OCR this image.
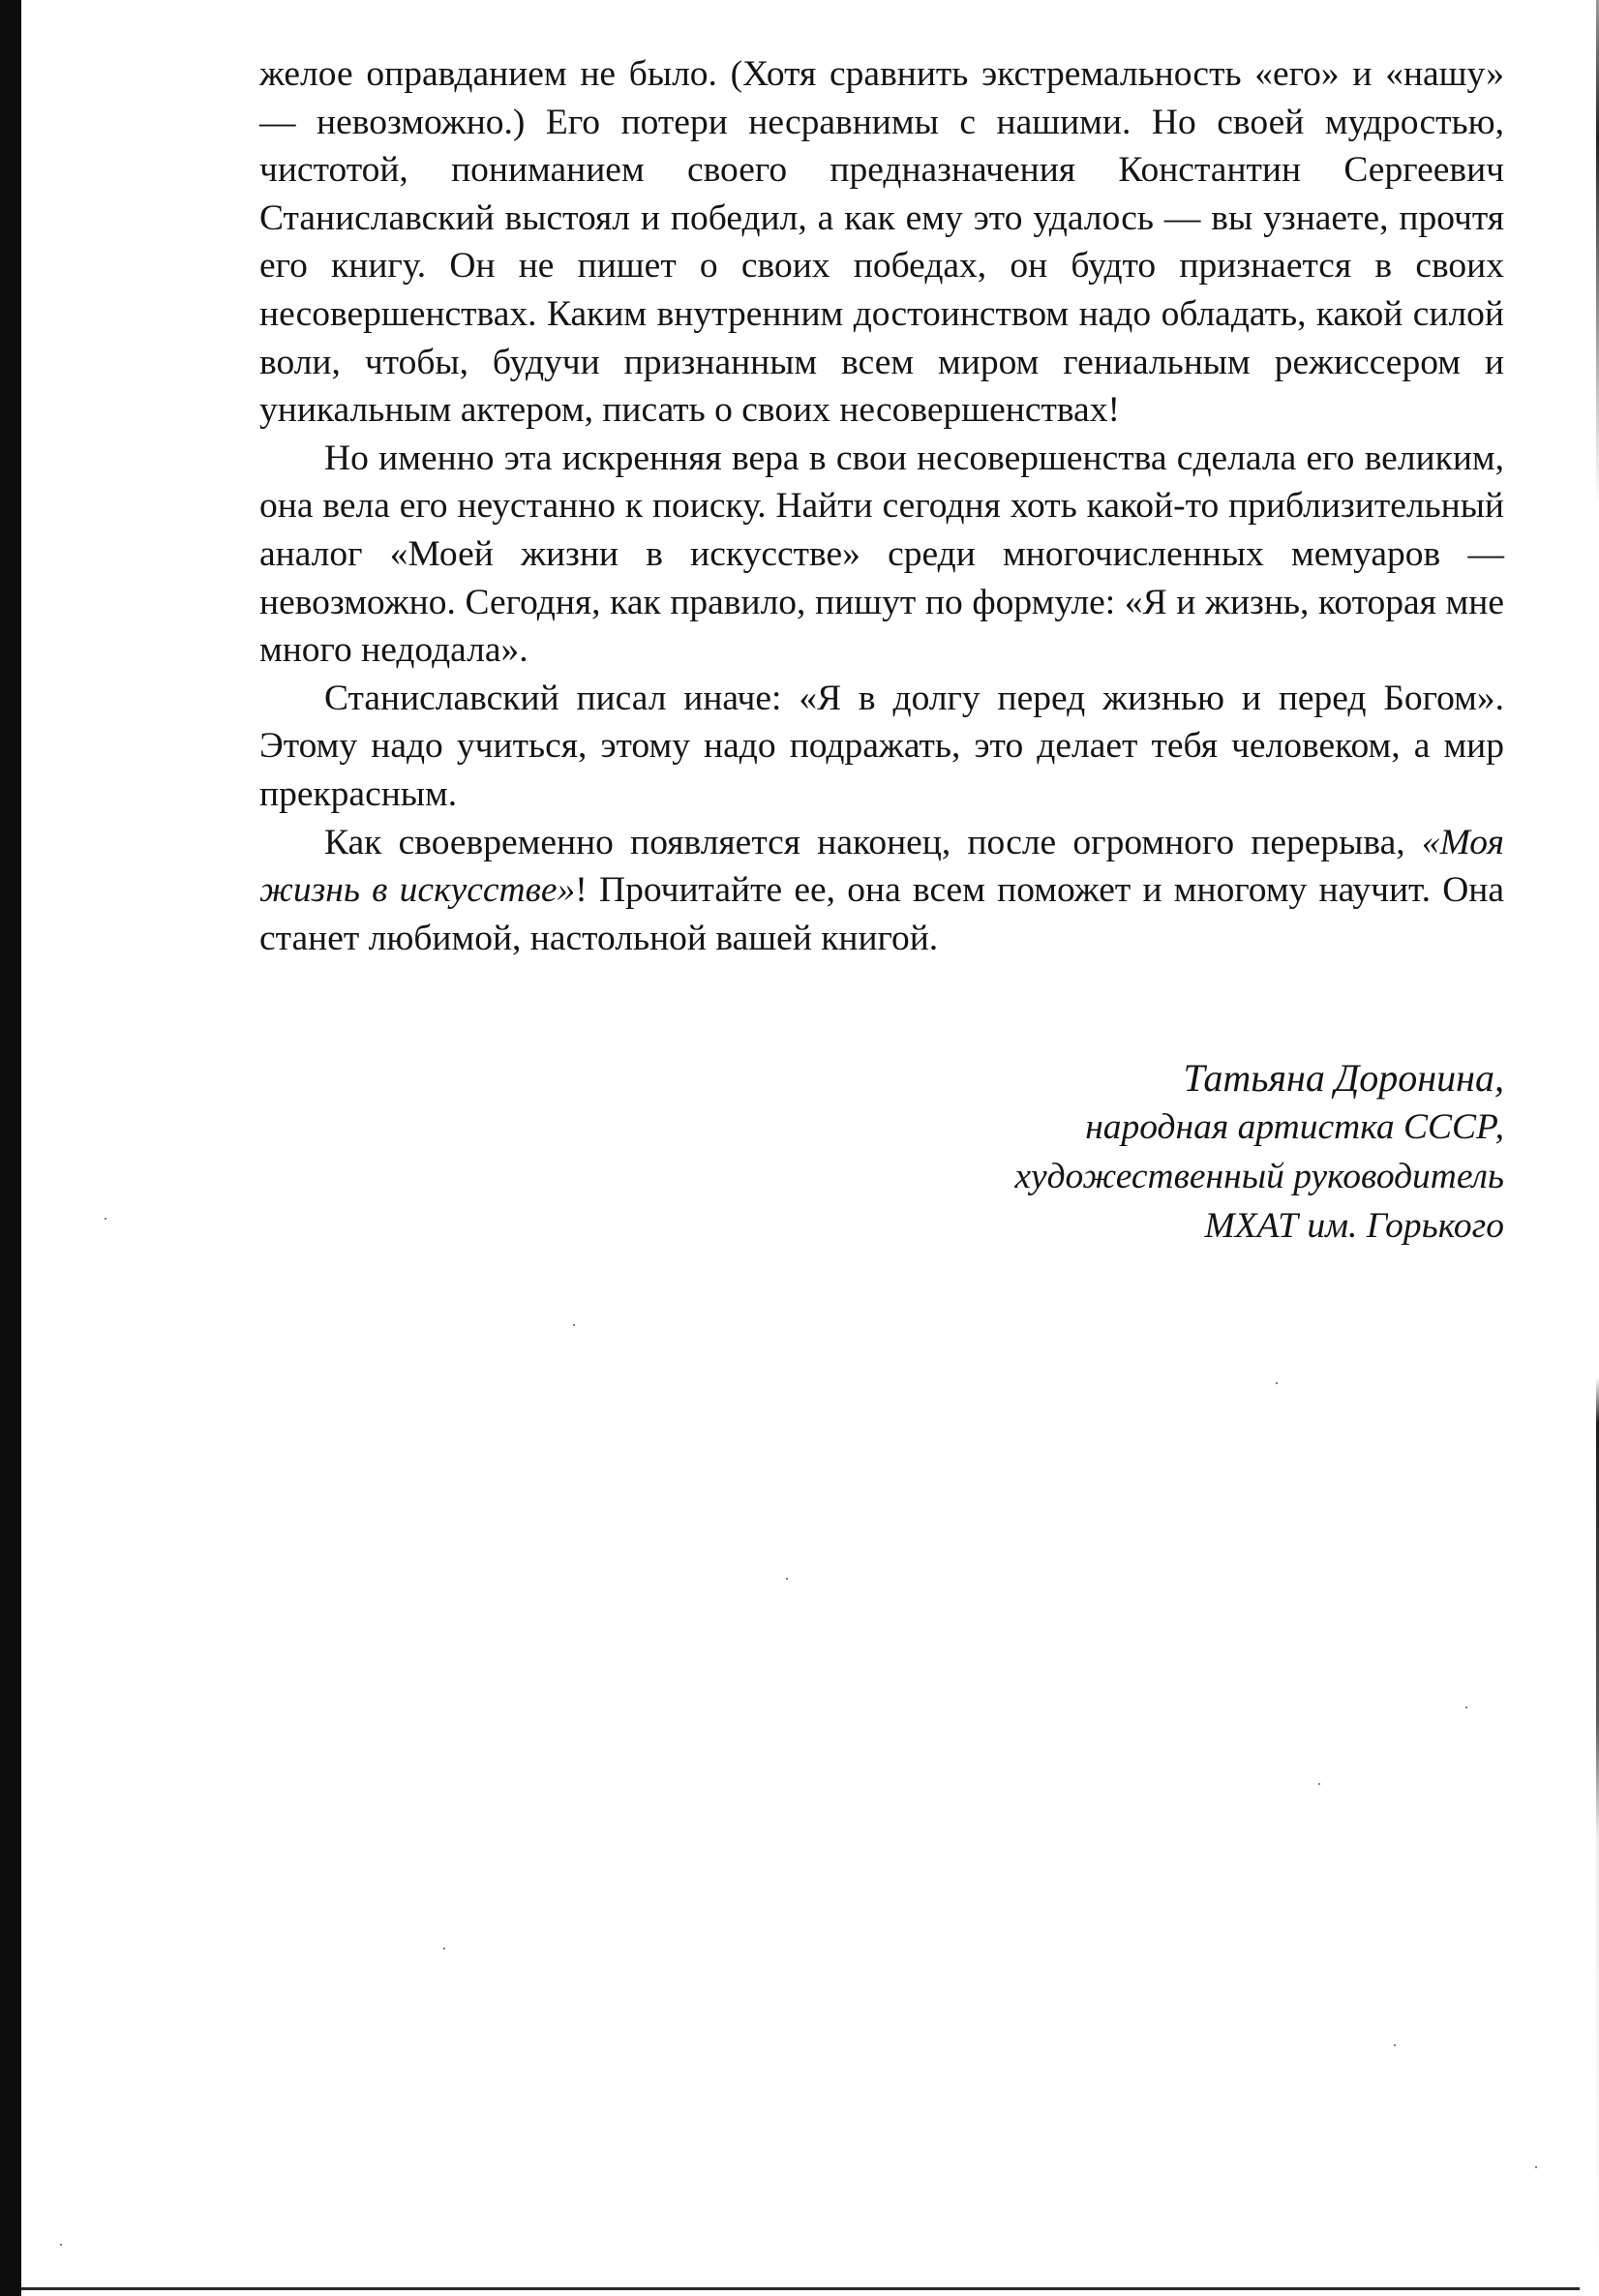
желое оправданием не было. (Хотя сравнить экстремальность «его» и «нашу» — невозможно.) Его потери несравнимы с нашими. Но своей мудростью, чистотой, пониманием своего предназначения Константин Сергеевич Станиславский выстоял и победил, а как ему это удалось — вы узнаете, прочтя его книгу. Он не пишет о своих победах, он будто признается в своих несовершенствах. Каким внутренним достоинством надо обладать, какой силой воли, чтобы, будучи признанным всем миром гениальным режиссером и уникальным актером, писать о своих несовершенствах!

Но именно эта искренняя вера в свои несовершенства сделала его великим, она вела его неустанно к поиску. Найти сегодня хоть какой-то приблизительный аналог «Моей жизни в искусстве» среди многочисленных мемуаров — невозможно. Сегодня, как правило, пишут по формуле: «Я и жизнь, которая мне много недодала».

Станиславский писал иначе: «Я в долгу перед жизнью и перед Богом». Этому надо учиться, этому надо подражать, это делает тебя человеком, а мир прекрасным.

Как своевременно появляется наконец, после огромного перерыва, «Моя жизнь в искусстве»! Прочитайте ее, она всем поможет и многому научит. Она станет любимой, настольной вашей книгой.

Татьяна Доронина,
народная артистка СССР,
художественный руководитель
МХАТ им. Горького
